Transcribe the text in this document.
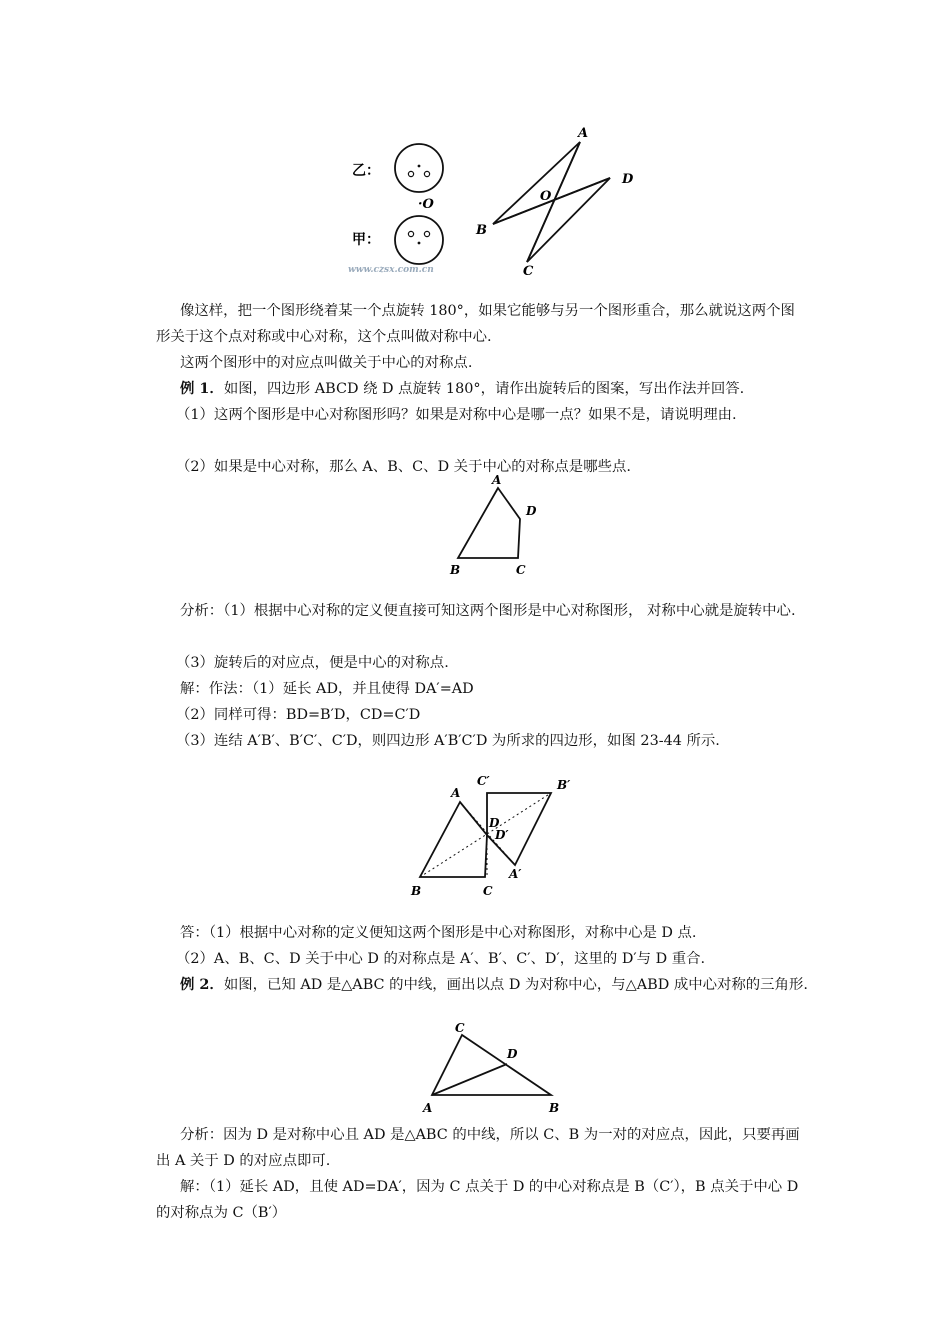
乙：
·O
甲：
www.czsx.com.cn
A
D
O
B
C
像这样，把一个图形绕着某一个点旋转 180°，如果它能够与另一个图形重合，那么就说这两个图形关于这个点对称或中心对称，这个点叫做对称中心.
这两个图形中的对应点叫做关于中心的对称点.
例 1．如图，四边形 ABCD 绕 D 点旋转 180°，请作出旋转后的图案，写出作法并回答.
（1）这两个图形是中心对称图形吗？如果是对称中心是哪一点？如果不是，请说明理由.
（2）如果是中心对称，那么 A、B、C、D 关于中心的对称点是哪些点.
A
D
B	C
分析：（1）根据中心对称的定义便直接可知这两个图形是中心对称图形， 对称中心就是旋转中心.
（3）旋转后的对应点，便是中心的对称点.
解：作法：（1）延长 AD，并且使得 DA′=AD
（2）同样可得：BD=B′D，CD=C′D
（3）连结 A′B′、B′C′、C′D，则四边形 A′B′C′D 为所求的四边形，如图 23-44 所示.
C′	B′
A
D
D′
A′
B	C
答：（1）根据中心对称的定义便知这两个图形是中心对称图形，对称中心是 D 点.
（2）A、B、C、D 关于中心 D 的对称点是 A′、B′、C′、D′，这里的 D′与 D 重合.
例 2．如图，已知 AD 是△ABC 的中线，画出以点 D 为对称中心，与△ABD 成中心对称的三角形.
C
D
A	B
分析：因为 D 是对称中心且 AD 是△ABC 的中线，所以 C、B 为一对的对应点，因此，只要再画出 A 关于 D 的对应点即可.
解：（1）延长 AD，且使 AD=DA′，因为 C 点关于 D 的中心对称点是 B（C′），B 点关于中心 D 的对称点为 C（B′）
